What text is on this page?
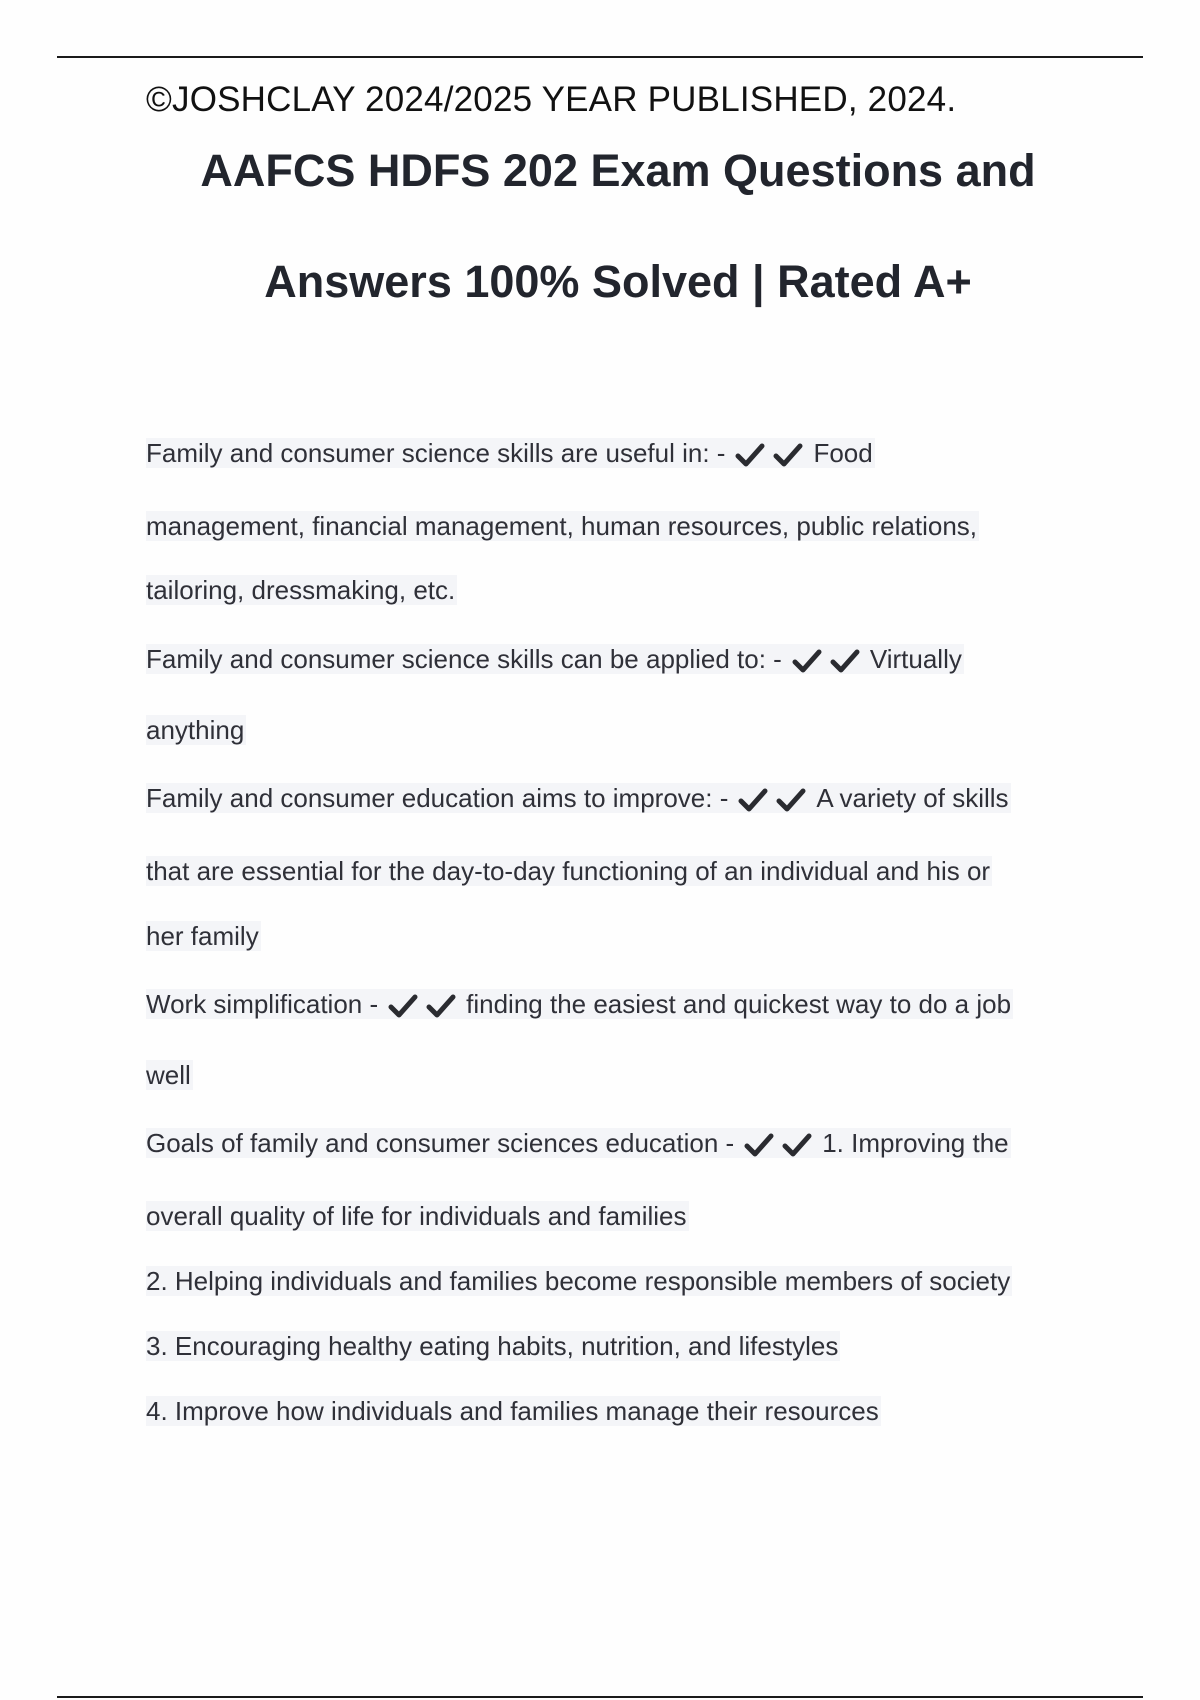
©JOSHCLAY 2024/2025 YEAR PUBLISHED, 2024.
AAFCS HDFS 202 Exam Questions and
Answers 100% Solved | Rated A+
Family and consumer science skills are useful in: -	Food
management, financial management, human resources, public relations,
tailoring, dressmaking, etc.
Family and consumer science skills can be applied to: -	Virtually
anything
Family and consumer education aims to improve: -	A variety of skills
that are essential for the day-to-day functioning of an individual and his or
her family
Work simplification -	finding the easiest and quickest way to do a job
well
Goals of family and consumer sciences education -	1. Improving the
overall quality of life for individuals and families
2. Helping individuals and families become responsible members of society
3. Encouraging healthy eating habits, nutrition, and lifestyles
4. Improve how individuals and families manage their resources
